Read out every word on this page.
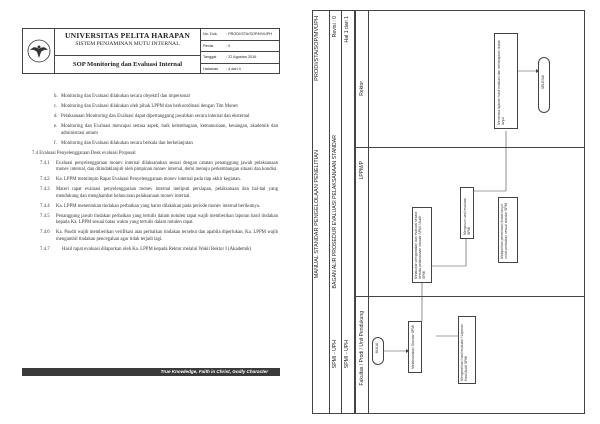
UNIVERSITAS PELITA HARAPAN
SISTEM PENJAMINAN MUTU INTERNAL
SOP Monitoring dan Evaluasi Internal
No. Dok.	: PRODI/STA/SOP/MVUPH
Revisi	: 0
Tanggal	: 22 Agustus 2016
Halaman	: 4 dari 4
b. Monitoring dan Evaluasi dilakukan secara obyektif dan impersonal
c. Monitoring dan Evaluasi dilakukan oleh pihak LPPM dan berkoordinasi dengan Tim Monev
d. Pelaksanaan Monitoring dan Evaluasi dapat dipertanggung jawabkan secara internal dan eksternal
e. Monitoring dan Evaluasi mencapai semua aspek, baik kelembagaan, kemanusiaan, keuangan, akademik dan administrasi umum
f. Monitoring dan Evaluasi dilakukan secara berkala dan berkelanjutan
7.4 Evaluasi Penyelenggaraan Desk evaluasi Proposal
7.4.1	Evaluasi penyelenggaraan monev internal dilaksanakan sesuai dengan catatan penanggung jawab pelaksanaan monev internal, dan ditindaklanjuti oleh pimpinan monev internal, demi menuju perkembangan situasi dan kondisi.
7.4.2	Ka. LPPM memimpin Rapat Evaluasi Penyelenggaraan monev internal pada tiap akhir kegiatan.
7.4.3	Materi rapat evaluasi penyelenggaraan monev internal meliputi persiapan, pelaksanaan dan hal-hal yang mendukung dan menghambat kelancaran pelaksanaan monev internal.
7.4.4	Ka. LPPM menentukan tindakan perbaikan yang harus dilakukan pada periode monev internal berikutnya.
7.4.5	Penanggung jawab tindakan perbaikan yang tertulis dalam notulen rapat wajib memberikan laporan hasil tindakan kepada Ka. LPPM sesuai batas waktu yang tertulis dalam notulen rapat.
7.4.6	Ka. Pusdit wajib memberikan verifikasi atas perbaikan tindakan tersebut dan apabila diperlukan, Ka. LPPM wajib mengambil tindakan pencegahan agar tidak terjadi lagi.
7.4.7	Hasil rapat evaluasi dilaporkan oleh Ka. LPPM kepada Rektor melalui Wakil Rektor I (Akademik)
True Knowledge, Faith in Christ, Godly Character
MANUAL STANDAR PENGELOLAAN PENELITIAN
PRODI/STA/SOP/MVUPH
BAGAN ALIR PROSEDUR EVALUASI PELAKSANAAN STANDAR
Revisi : 0
SPMI - UPH
Hal 1 dari 1
SPMI - UPH Fakultas / Prodi / Unit Pendukung
LPPM/P
Rektor
MULAI	Melaksanakan Standar SPMI	Menyerahkan hasil evaluasi / Laporan Hasil Audit SPMI
Melakukan pengamatan dan evaluasi secara berkala pelaksanaan standar SPMI / Audit SPMI
Menyusun hasil evaluasi SPMI	Melaporkan permintaan tindak lanjut untuk perbaikan sesuai standar SPMI
Menerima laporan hasil evaluasi dan menetapkan tindak lanjut
SELESAI
